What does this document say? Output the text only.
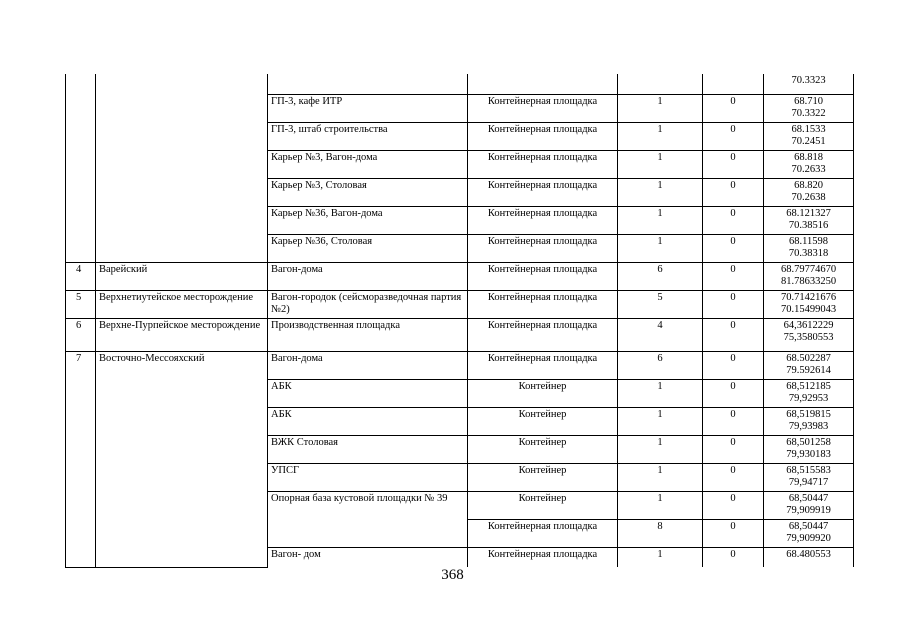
						70.3323

		ГП-3, кафе ИТР	Контейнерная площадка	1	0	68.710
70.3322

		ГП-3, штаб строительства	Контейнерная площадка	1	0	68.1533
70.2451

		Карьер №3, Вагон-дома	Контейнерная площадка	1	0	68.818
70.2633

		Карьер №3, Столовая	Контейнерная площадка	1	0	68.820
70.2638

		Карьер №36, Вагон-дома	Контейнерная площадка	1	0	68.121327
70.38516

		Карьер №36, Столовая	Контейнерная площадка	1	0	68.11598
70.38318

4	Варейский	Вагон-дома	Контейнерная площадка	6	0	68.79774670
81.78633250

5	Верхнетиутейское месторождение	Вагон-городок (сейсморазведочная партия №2)	Контейнерная площадка	5	0	70.71421676
70.15499043

6	Верхне-Пурпейское месторождение	Производственная площадка	Контейнерная площадка	4	0	64,3612229
75,3580553

7	Восточно-Мессояхский	Вагон-дома	Контейнерная площадка	6	0	68.502287
79.592614

		АБК	Контейнер	1	0	68,512185
79,92953

		АБК	Контейнер	1	0	68,519815
79,93983

		ВЖК Столовая	Контейнер	1	0	68,501258
79,930183

		УПСГ	Контейнер	1	0	68,515583
79,94717

		Опорная база кустовой площадки № 39	Контейнер	1	0	68,50447
79,909919

			Контейнерная площадка	8	0	68,50447
79,909920

		Вагон- дом	Контейнерная площадка	1	0	68.480553
368
